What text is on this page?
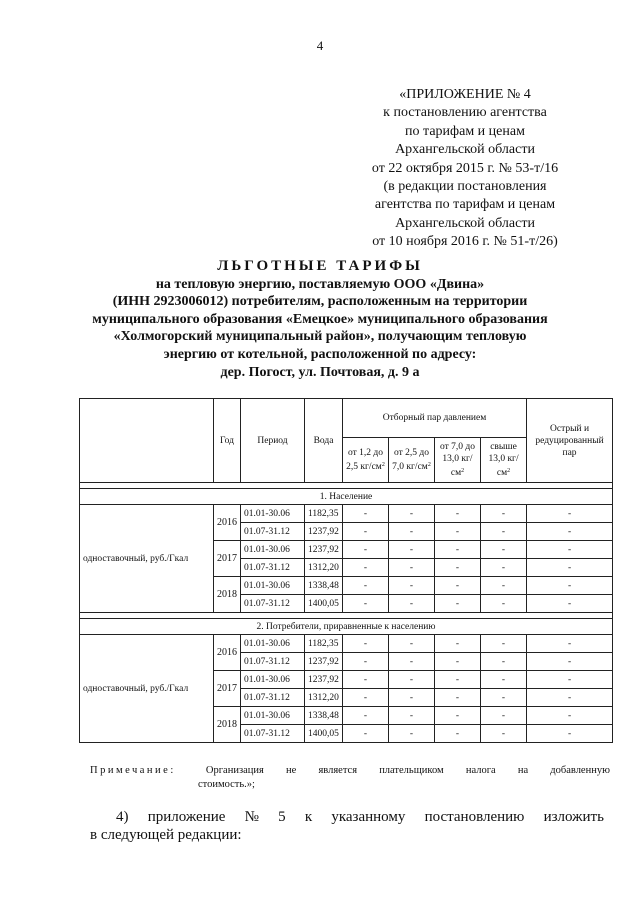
4
«ПРИЛОЖЕНИЕ № 4
к постановлению агентства
по тарифам и ценам
Архангельской области
от 22 октября 2015 г. № 53-т/16
(в редакции постановления
агентства по тарифам и ценам
Архангельской области
от 10 ноября 2016 г. № 51-т/26)
ЛЬГОТНЫЕ ТАРИФЫ
на тепловую энергию, поставляемую ООО «Двина»
(ИНН 2923006012) потребителям, расположенным на территории
муниципального образования «Емецкое» муниципального образования
«Холмогорский муниципальный район», получающим тепловую
энергию от котельной, расположенной по адресу:
дер. Погост, ул. Почтовая, д. 9 а
	Год	Период	Вода	Отборный пар давлением				Острый и редуцированный пар
				от 1,2 до 2,5 $кг/см^2$	от 2,5 до 7,0 $кг/см^2$	от 7,0 до 13,0 $кг/см^2$	свыше 13,0 $кг/см^2$

1. Население								
одноставочный, руб./Гкал	2016	01.01-30.06	1182,35	-	-	-	-	-
		01.07-31.12	1237,92	-	-	-	-	-
	2017	01.01-30.06	1237,92	-	-	-	-	-
		01.07-31.12	1312,20	-	-	-	-	-
	2018	01.01-30.06	1338,48	-	-	-	-	-
		01.07-31.12	1400,05	-	-	-	-	-

2. Потребители, приравненные к населению								
одноставочный, руб./Гкал	2016	01.01-30.06	1182,35	-	-	-	-	-
		01.07-31.12	1237,92	-	-	-	-	-
	2017	01.01-30.06	1237,92	-	-	-	-	-
		01.07-31.12	1312,20	-	-	-	-	-
	2018	01.01-30.06	1338,48	-	-	-	-	-
		01.07-31.12	1400,05	-	-	-	-	-
Примечание:	Организация не является плательщиком налога на добавленную
стоимость.»;
4) приложение № 5 к указанному постановлению изложить
в следующей редакции:
